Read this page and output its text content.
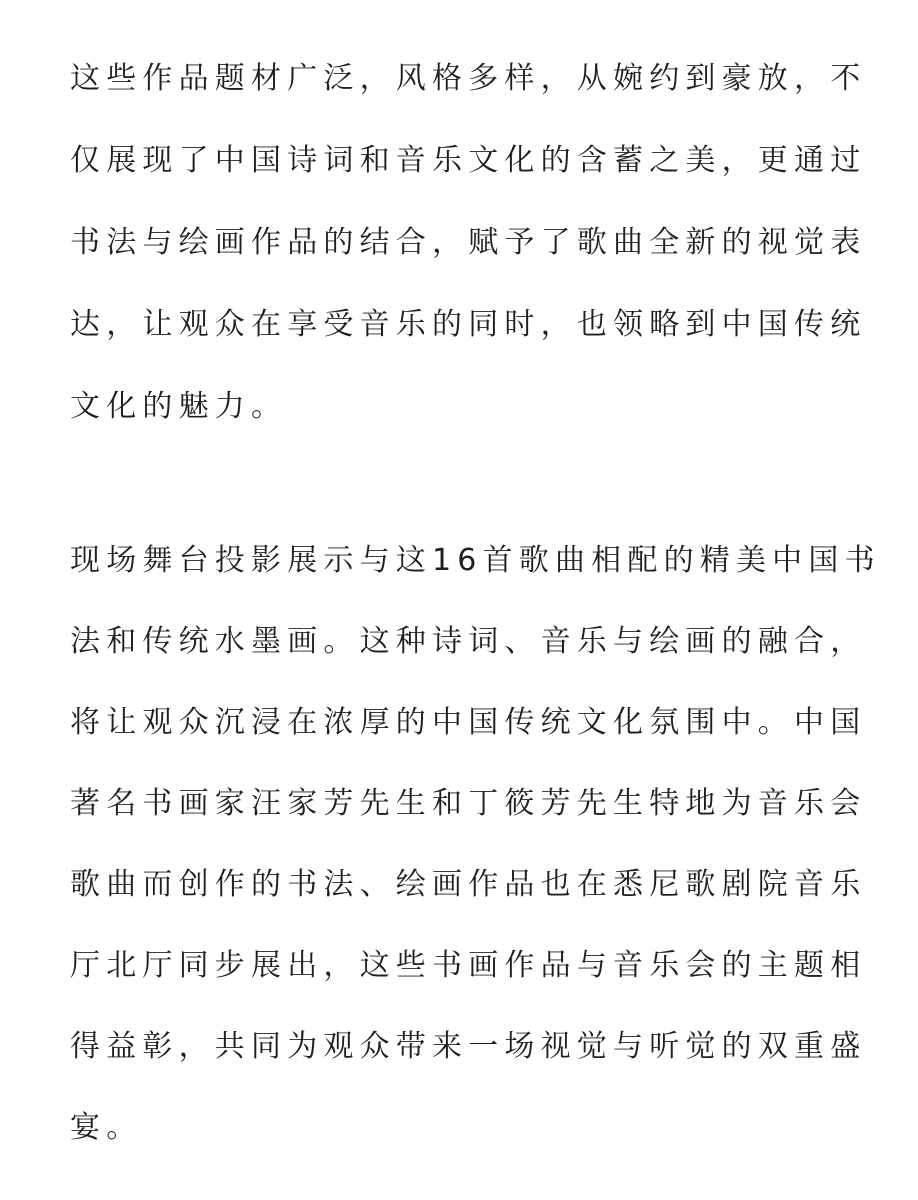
这些作品题材广泛，风格多样，从婉约到豪放，不
仅展现了中国诗词和音乐文化的含蓄之美，更通过
书法与绘画作品的结合，赋予了歌曲全新的视觉表
达，让观众在享受音乐的同时，也领略到中国传统
文化的魅力。
现场舞台投影展示与这16首歌曲相配的精美中国书
法和传统水墨画。这种诗词、音乐与绘画的融合，
将让观众沉浸在浓厚的中国传统文化氛围中。中国
著名书画家汪家芳先生和丁筱芳先生特地为音乐会
歌曲而创作的书法、绘画作品也在悉尼歌剧院音乐
厅北厅同步展出，这些书画作品与音乐会的主题相
得益彰，共同为观众带来一场视觉与听觉的双重盛
宴。
